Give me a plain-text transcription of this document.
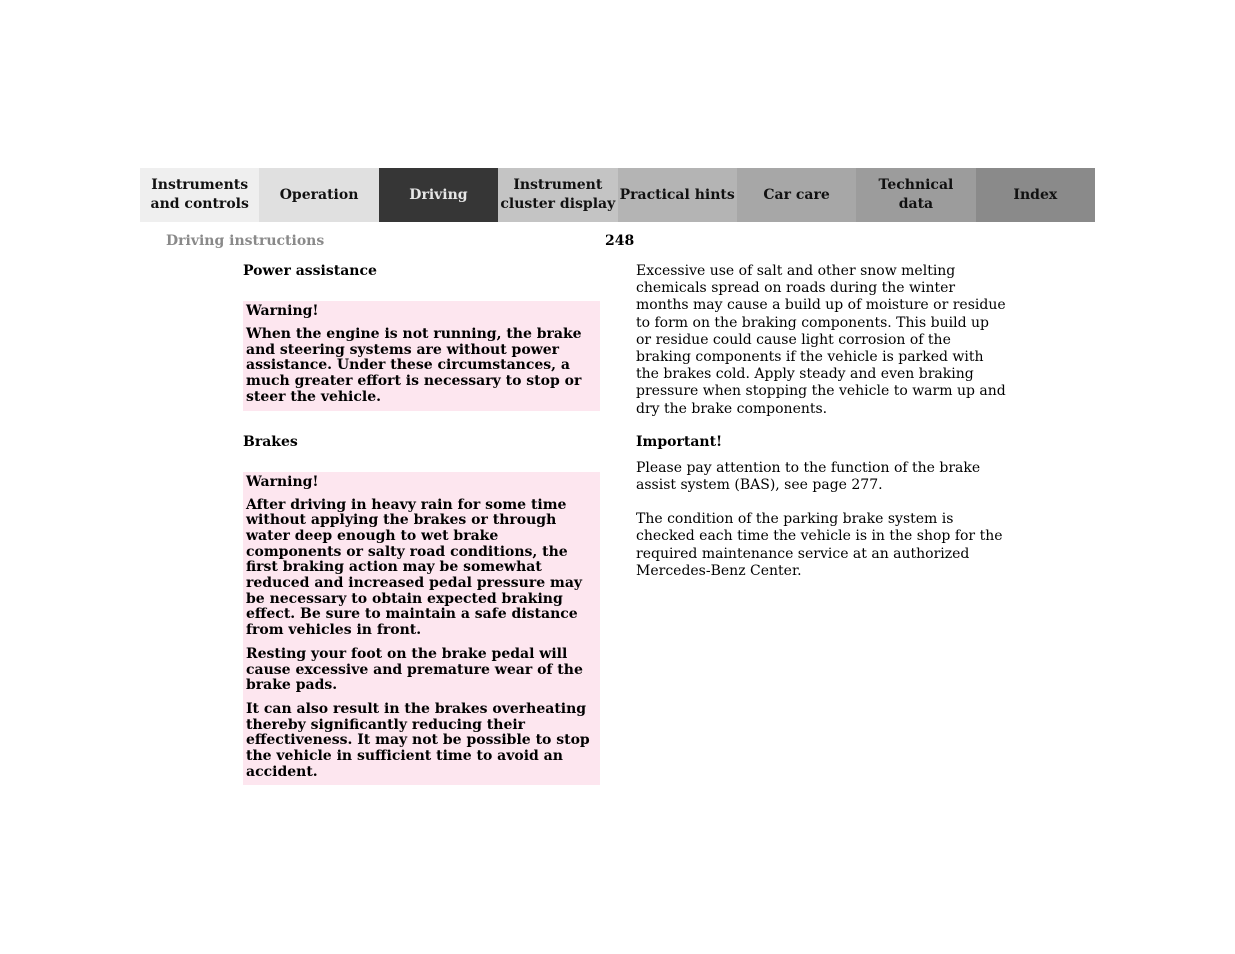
Instruments
and controls
Operation	Driving
Instrument
cluster display
Practical hints	Car care
Technical
data
Index
Driving instructions	248
Power assistance
Warning!

When the engine is not running, the brake and steering systems are without power assistance. Under these circumstances, a much greater effort is necessary to stop or steer the vehicle.

Brakes
Warning!

After driving in heavy rain for some time without applying the brakes or through water deep enough to wet brake components or salty road conditions, the first braking action may be somewhat reduced and increased pedal pressure may be necessary to obtain expected braking effect. Be sure to maintain a safe distance from vehicles in front.

Resting your foot on the brake pedal will cause excessive and premature wear of the brake pads.

It can also result in the brakes overheating thereby significantly reducing their effectiveness. It may not be possible to stop the vehicle in sufficient time to avoid an accident.

Excessive use of salt and other snow melting chemicals spread on roads during the winter months may cause a build up of moisture or residue to form on the braking components. This build up or residue could cause light corrosion of the braking components if the vehicle is parked with the brakes cold. Apply steady and even braking pressure when stopping the vehicle to warm up and dry the brake components.

Important!

Please pay attention to the function of the brake assist system (BAS), see page 277.

The condition of the parking brake system is checked each time the vehicle is in the shop for the required maintenance service at an authorized Mercedes-Benz Center.
